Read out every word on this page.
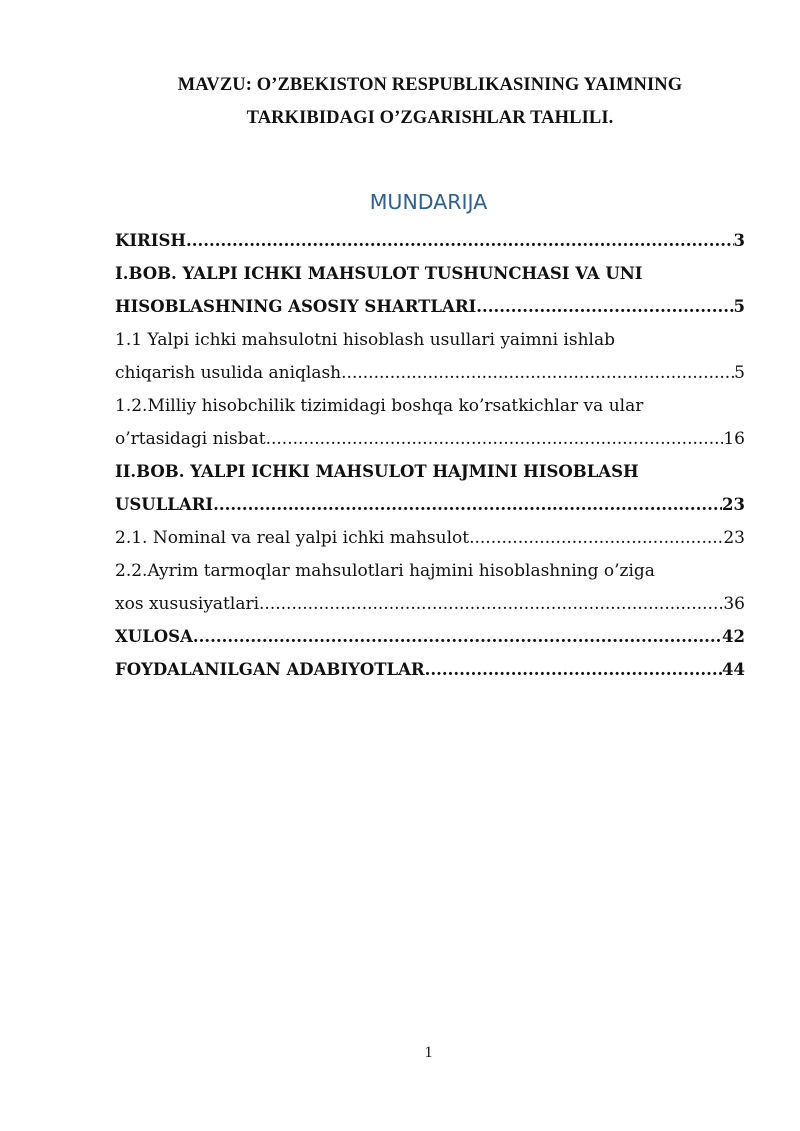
MAVZU: O’ZBEKISTON RESPUBLIKASINING YAIMNING
TARKIBIDAGI O’ZGARISHLAR TAHLILI.
MUNDARIJA
KIRISH .....	3
I.BOB. YALPI ICHKI MAHSULOT TUSHUNCHASI VA UNI
HISOBLASHNING ASOSIY SHARTLARI .....	5
1.1 Yalpi ichki mahsulotni hisoblash usullari yaimni ishlab
chiqarish usulida aniqlash .....	5
1.2.Milliy hisobchilik tizimidagi boshqa ko’rsatkichlar va ular
o’rtasidagi nisbat .....	16
II.BOB. YALPI ICHKI MAHSULOT HAJMINI HISOBLASH
USULLARI .....	23
2.1. Nominal va real yalpi ichki mahsulot .....	23
2.2.Ayrim tarmoqlar mahsulotlari hajmini hisoblashning o’ziga
xos xususiyatlari .....	36
XULOSA .....	42
FOYDALANILGAN ADABIYOTLAR .....	44
1
